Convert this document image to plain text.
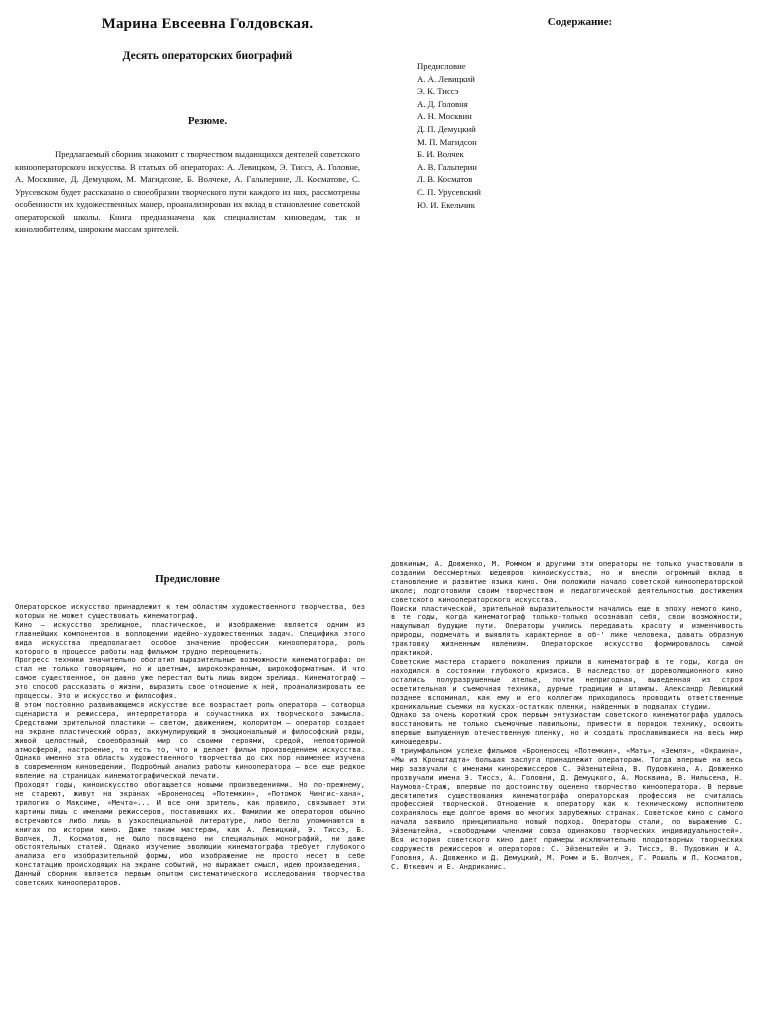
Марина Евсеевна Голдовская.
Десять операторских биографий
Резюме.
Предлагаемый сборник знакомит с творчеством выдающихся деятелей советского кинооператорского искусства. В статьях об операторах: А. Левицком, Э. Тиссэ, А. Головне, А. Москвине, Д. Демуцком, М. Магидсоне, Б. Волчеке, А. Гальперине, Л. Косматове, С. Урусевском будет рассказано о своеобразии творческого пути каждого из них, рассмотрены особенности их художественных манер, проанализирован их вклад в становление советской операторской школы. Книга предназначена как специалистам киноведам, так и кинолюбителям, широким массам зрителей.
Содержание:
Предисловие
А. А. Левицкий
Э. К. Тиссэ
А. Д. Головня
А. Н. Москвин
Д. П. Демуцкий
М. П. Магидсон
Б. И. Волчек
А. В. Гальперин
Л. В. Косматов
С. П. Урусевский
Ю. И. Екельчик
Предисловие

Операторское искусство принадлежит к тем областям художественного творчества, без которых не может существовать кинематограф.

Кино – искусство зрелищное, пластическое, и изображение является одним из главнейших компонентов в воплощении идейно-художественных задач. Специфика этого вида искусства предполагает особое значение профессии кинооператора, роль которого в процессе работы над фильмом трудно переоценить.

Прогресс техники значительно обогатил выразительные возможности кинематографа: он стал не только говорящим, но и цветным, широкоэкранным, широкоформатным. И что самое существенное, он давно уже перестал быть лишь видом зрелища. Кинематограф – это способ рассказать о жизни, выразить свое отношение к ней, проанализировать ее процессы. Это и искусство и философия.

В этом постоянно развивающемся искусстве все возрастает роль оператора – сотворца сценариста и режиссера, интерпретатора и соучастника их творческого замысла. Средствами зрительной пластики – светом, движением, колоритом – оператор создает на экране пластический образ, аккумулирующий в эмоциональный и философский ряды, живой целостный, своеобразный мир со своими героями, средой, неповторимой атмосферой, настроение, то есть то, что и делает фильм произведением искусства. Однако именно эта область художественного творчества до сих пор наименее изучена в современном киноведении. Подробный анализ работы кинооператора – все еще редкое явление на страницах кинематографической печати.

Проходят годы, киноискусство обогащается новыми произведениями. Но по-прежнему, не стареют, живут на экранах «Броненосец «Потемкин», «Потомок Чингис-хана», трилогия о Максиме, «Мечта»... И все они зритель, как правило, связывает эти картины лишь с именами режиссеров, поставивших их. Фамилии же операторов обычно встречаются либо лишь в узкоспециальной литературе, либо бегло упоминаются в книгах по истории кино. Даже таким мастерам, как А. Левицкий, Э. Тиссэ, Б. Волчек, Л. Косматов, не было посвящено ни специальных монографий, ни даже обстоятельных статей. Однако изучение эволюции кинематографа требует глубокого анализа его изобразительной формы, ибо изображение не просто несет в себе констатацию происходящих на экране событий, но выражает смысл, идею произведения.

Данный сборник является первым опытом систематического исследования творчества советских кинооператоров.

довкиным, А. Довженко, М. Роммом и другими эти операторы не только участвовали в создании бессмертных шедевров киноискусства, но и внесли огромный вклад в становление и развитие языка кино. Они положили начало советской кинооператорской школе; подготовили своим творчеством и педагогической деятельностью достижения советского кинооператорского искусства.

Поиски пластической, зрительной выразительности начались еще в эпоху немого кино, в те годы, когда кинематограф только-только осознавал себя, свои возможности, нащупывал будущие пути. Операторы учились передавать красоту и изменчивость природы, подмечать и выявлять характерное в об-' лике человека, давать образную трактовку жизненным явлениям. Операторское искусство формировалось самой практикой.

Советские мастера старшего поколения пришли в кинематограф в те годы, когда он находился в состоянии глубокого кризиса. В наследство от дореволюционного кино остались полуразрушенные ателье, почти непригодная, выведенная из строя осветительная и съемочная техника, дурные традиции и штампы. Александр Левицкий позднее вспоминал, как ему и его коллегам приходилось проводить ответственные хроникальные съемки на кусках-остатках пленки, найденных в подвалах студии.

Однако за очень короткий срок первым энтузиастам советского кинематографа удалось восстановить не только съемочные павильоны, привести в порядок технику, освоить впервые выпущенную отечественную пленку, но и создать прославившиеся на весь мир киношедевры.

В триумфальном успехе фильмов «Броненосец «Потемкин», «Мать», «Земля», «Окраина», «Мы из Кронштадта» большая заслуга принадлежит операторам. Тогда впервые на весь мир зазвучали с именами кинорежиссеров С. Эйзенштейна, В. Пудовкина, А. Довженко прозвучали имена Э. Тиссэ, А. Головни, Д. Демуцкого, А. Москвина, В. Нильсена, Н. Наумова-Страж, впервые по достоинству оценено творчество кинооператора. В первые десятилетия существования кинематографа операторская профессия не считалась профессией творческой. Отношение к оператору как к техническому исполнителю сохранялось еще долгое время во многих зарубежных странах. Советское кино с самого начала заявило принципиально новый подход. Операторы стали, по выражению С. Эйзенштейна, «свободными членами союза одинаково творческих индивидуальностей». Вся история советского кино дает примеры исключительно плодотворных творческих содружеств режиссеров и операторов: С. Эйзенштейн и Э. Тиссэ, В. Пудовкин и А. Головня, А. Довженко и Д. Демуцкий, М. Ромм и Б. Волчек, Г. Рошаль и Л. Косматов, С. Юткевич и Е. Андриканис.
